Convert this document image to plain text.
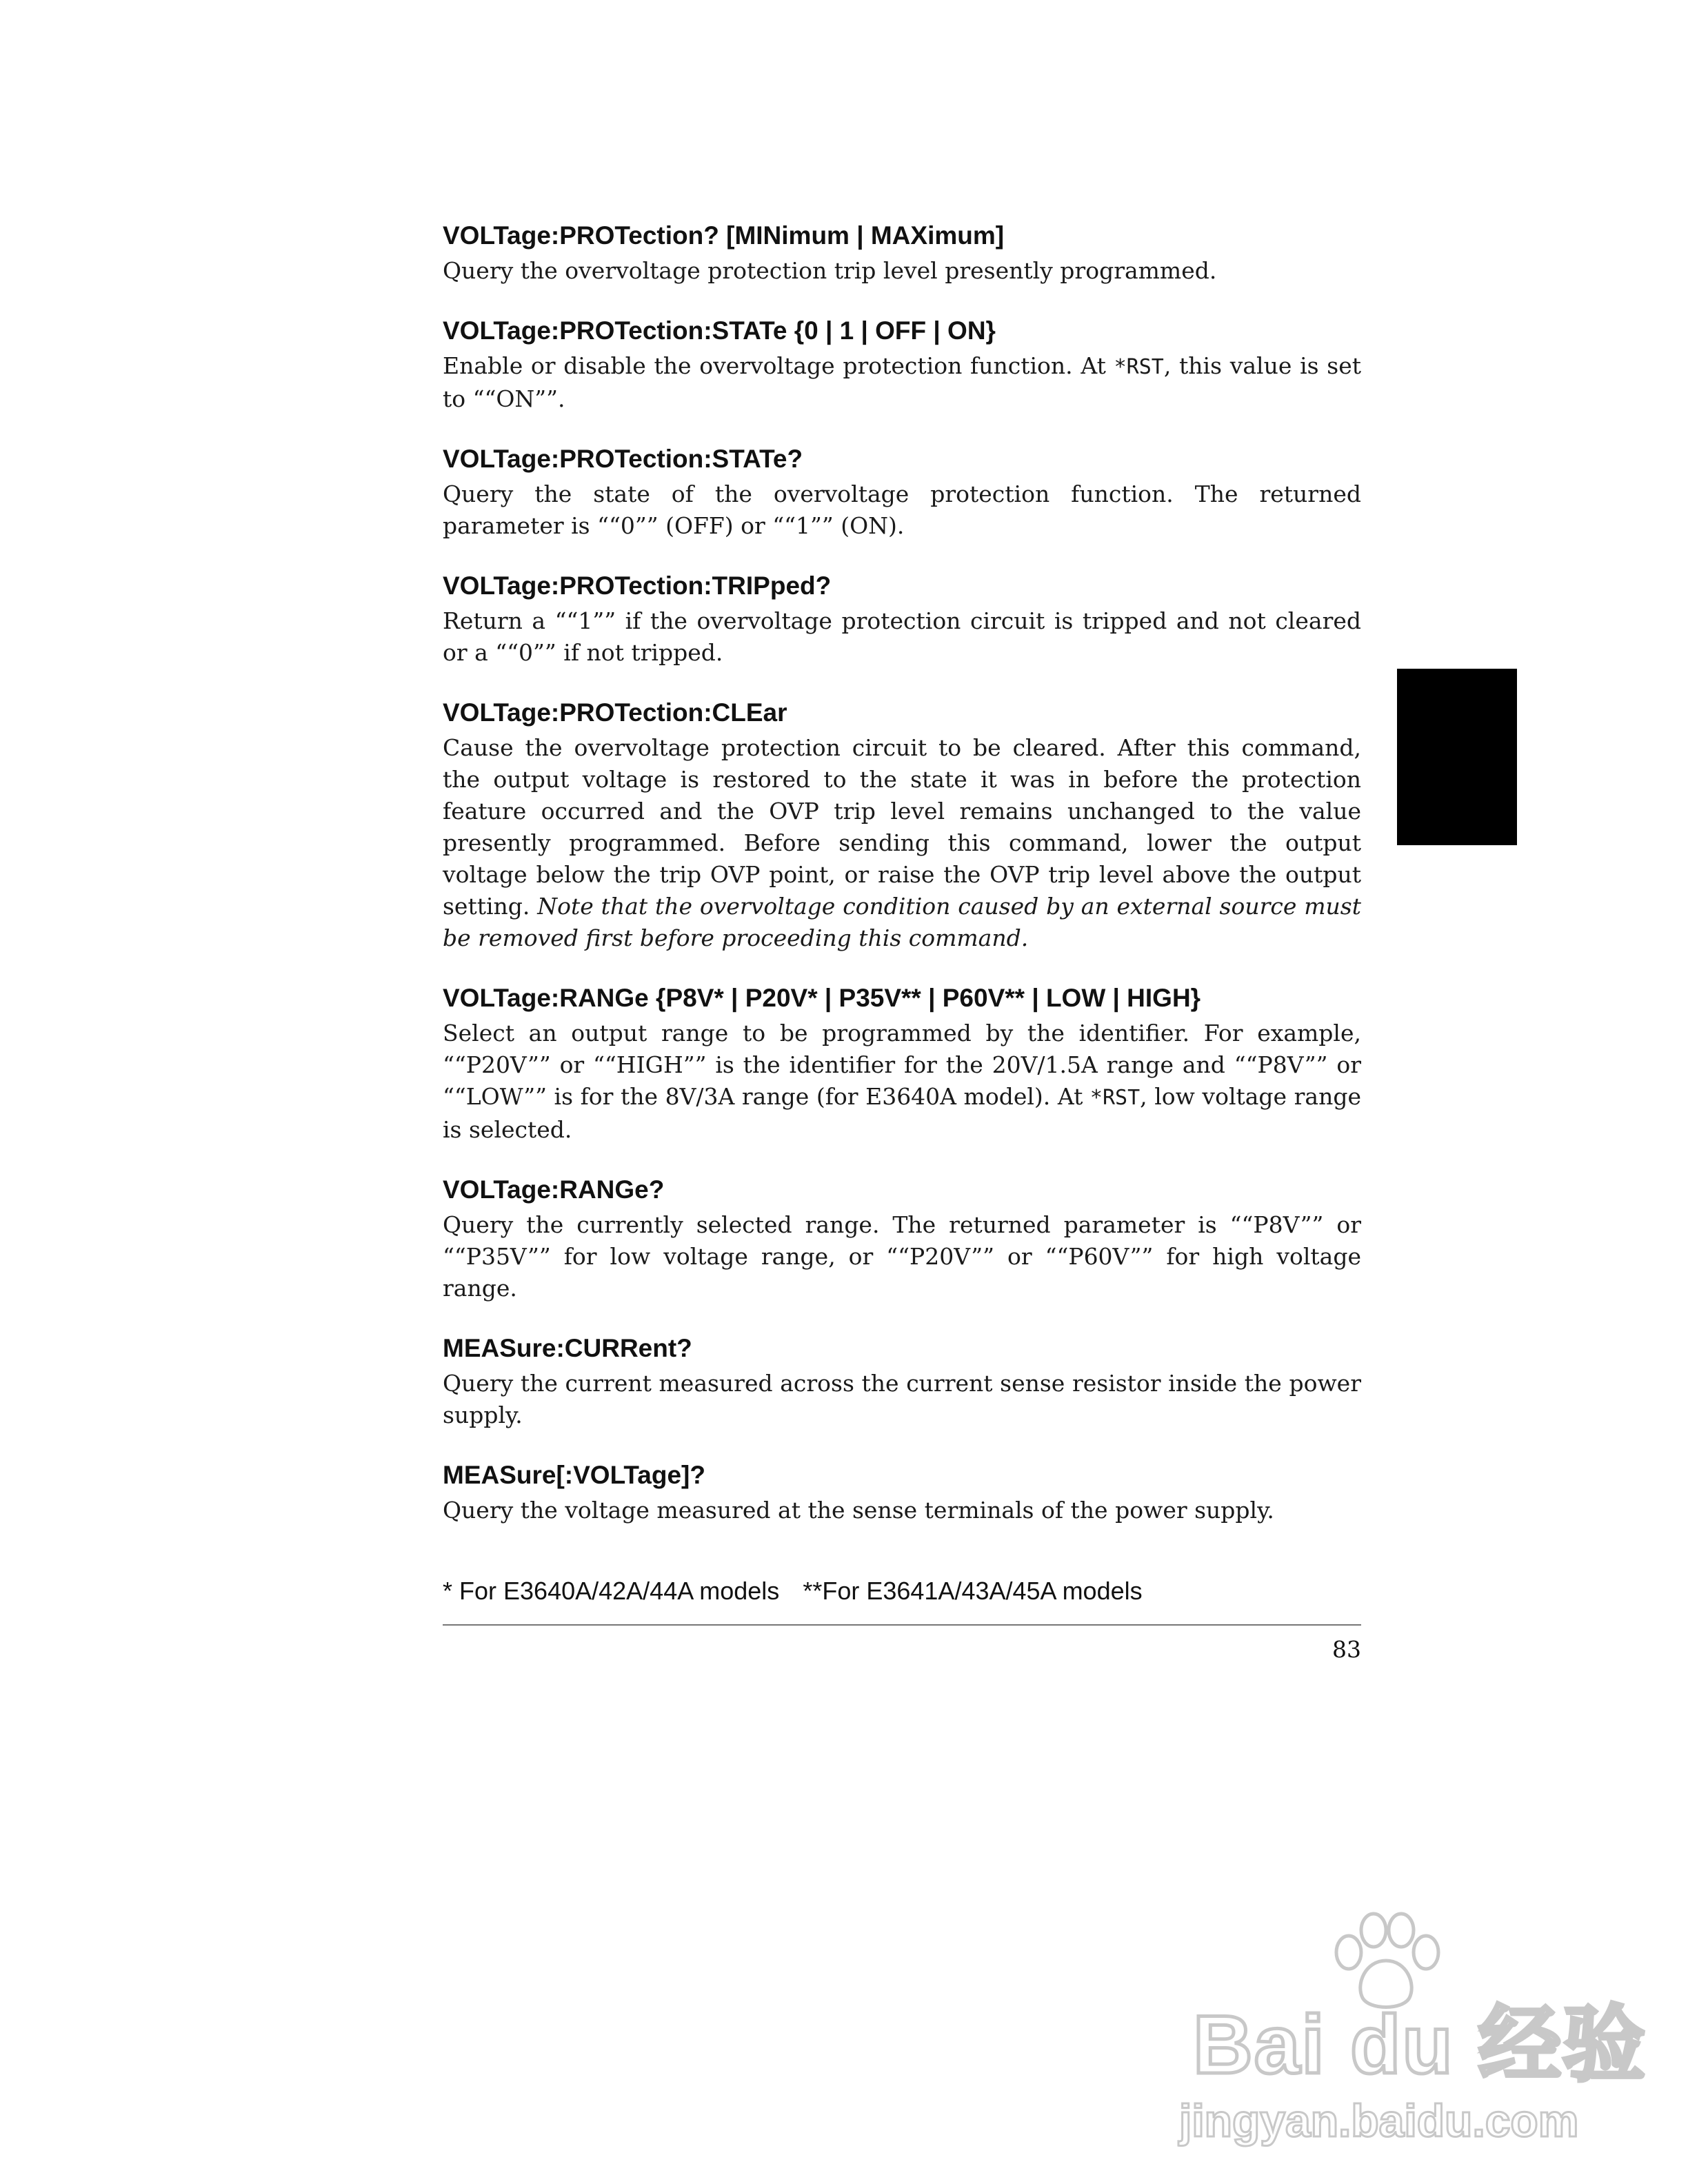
VOLTage:PROTection? [MINimum | MAXimum]

Query the overvoltage protection trip level presently programmed.

VOLTage:PROTection:STATe {0 | 1 | OFF | ON}

Enable or disable the overvoltage protection function. At *RST, this value is set to ““ON””.

VOLTage:PROTection:STATe?

Query the state of the overvoltage protection function. The returned parameter is ““0”” (OFF) or ““1”” (ON).

VOLTage:PROTection:TRIPped?

Return a ““1”” if the overvoltage protection circuit is tripped and not cleared or a ““0”” if not tripped.

VOLTage:PROTection:CLEar

Cause the overvoltage protection circuit to be cleared. After this command, the output voltage is restored to the state it was in before the protection feature occurred and the OVP trip level remains unchanged to the value presently programmed. Before sending this command, lower the output voltage below the trip OVP point, or raise the OVP trip level above the output setting. Note that the overvoltage condition caused by an external source must be removed first before proceeding this command.

VOLTage:RANGe {P8V* | P20V* | P35V** | P60V** | LOW | HIGH}

Select an output range to be programmed by the identifier. For example, ““P20V”” or ““HIGH”” is the identifier for the 20V/1.5A range and ““P8V”” or ““LOW”” is for the 8V/3A range (for E3640A model). At *RST, low voltage range is selected.

VOLTage:RANGe?

Query the currently selected range. The returned parameter is ““P8V”” or ““P35V”” for low voltage range, or ““P20V”” or ““P60V”” for high voltage range.

MEASure:CURRent?

Query the current measured across the current sense resistor inside the power supply.

MEASure[:VOLTage]?

Query the voltage measured at the sense terminals of the power supply.

* For E3640A/42A/44A models **For E3641A/43A/45A models
83
Bai du 经验
jingyan.baidu.com
